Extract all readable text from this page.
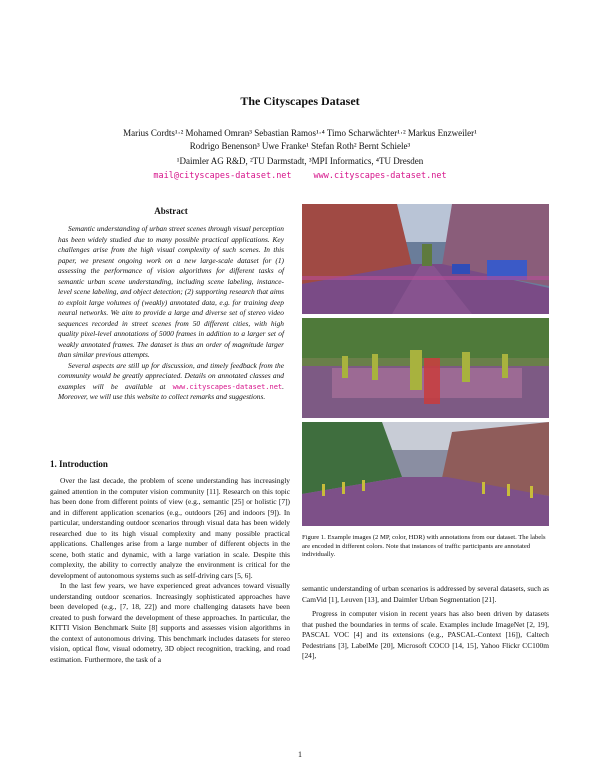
The Cityscapes Dataset
Marius Cordts¹·² Mohamed Omran³ Sebastian Ramos¹·⁴ Timo Scharwächter¹·² Markus Enzweiler¹
Rodrigo Benenson³ Uwe Franke¹ Stefan Roth² Bernt Schiele³
¹Daimler AG R&D, ²TU Darmstadt, ³MPI Informatics, ⁴TU Dresden
mail@cityscapes-dataset.net	www.cityscapes-dataset.net
Abstract

Semantic understanding of urban street scenes through visual perception has been widely studied due to many possible practical applications. Key challenges arise from the high visual complexity of such scenes. In this paper, we present ongoing work on a new large-scale dataset for (1) assessing the performance of vision algorithms for different tasks of semantic urban scene understanding, including scene labeling, instance-level scene labeling, and object detection; (2) supporting research that aims to exploit large volumes of (weakly) annotated data, e.g. for training deep neural networks. We aim to provide a large and diverse set of stereo video sequences recorded in street scenes from 50 different cities, with high quality pixel-level annotations of 5000 frames in addition to a larger set of weakly annotated frames. The dataset is thus an order of magnitude larger than similar previous attempts.

Several aspects are still up for discussion, and timely feedback from the community would be greatly appreciated. Details on annotated classes and examples will be available at www.cityscapes-dataset.net. Moreover, we will use this website to collect remarks and suggestions.

1. Introduction

Over the last decade, the problem of scene understanding has increasingly gained attention in the computer vision community [11]. Research on this topic has been done from different points of view (e.g., semantic [25] or holistic [7]) and in different application scenarios (e.g., outdoors [26] and indoors [9]). In particular, understanding outdoor scenarios through visual data has been widely researched due to its high visual complexity and many possible practical applications. Challenges arise from a large number of different objects in the scene, both static and dynamic, with a large variation in scale. Despite this complexity, the ability to correctly analyze the environment is critical for the development of autonomous systems such as self-driving cars [5, 6].

In the last few years, we have experienced great advances toward visually understanding outdoor scenarios. Increasingly sophisticated approaches have been developed (e.g., [7, 18, 22]) and more challenging datasets have been created to push forward the development of these approaches. In particular, the KITTI Vision Benchmark Suite [8] supports and assesses vision algorithms in the context of autonomous driving. This benchmark includes datasets for stereo vision, optical flow, visual odometry, 3D object recognition, tracking, and road estimation. Furthermore, the task of a

Figure 1. Example images (2 MP, color, HDR) with annotations from our dataset. The labels are encoded in different colors. Note that instances of traffic participants are annotated individually.

semantic understanding of urban scenarios is addressed by several datasets, such as CamVid [1], Leuven [13], and Daimler Urban Segmentation [21].

Progress in computer vision in recent years has also been driven by datasets that pushed the boundaries in terms of scale. Examples include ImageNet [2, 19], PASCAL VOC [4] and its extensions (e.g., PASCAL-Context [16]), Caltech Pedestrians [3], LabelMe [20], Microsoft COCO [14, 15], Yahoo Flickr CC100m [24],

1
